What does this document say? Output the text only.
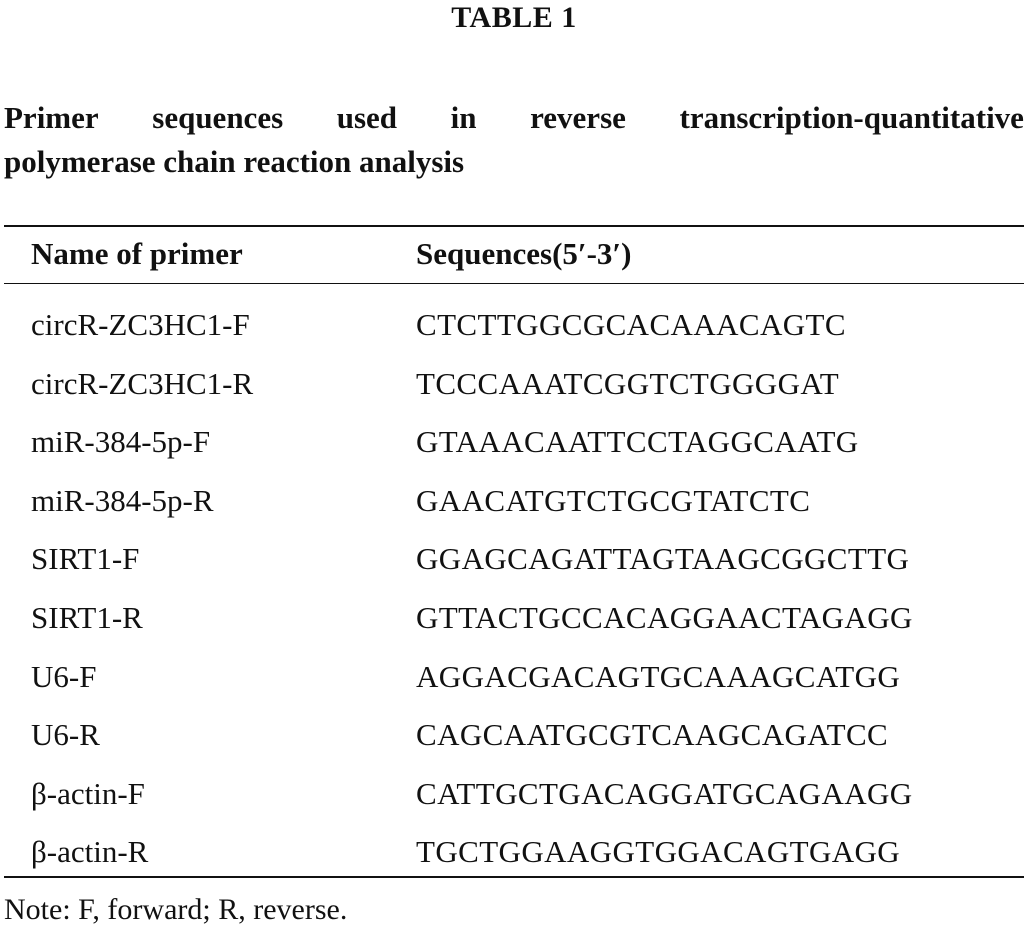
TABLE 1
Primer sequences used in reverse transcription-quantitative
polymerase chain reaction analysis
Name of primer	Sequences(5′-3′)
circR-ZC3HC1-F	CTCTTGGCGCACAAACAGTC
circR-ZC3HC1-R	TCCCAAATCGGTCTGGGGAT
miR-384-5p-F	GTAAACAATTCCTAGGCAATG
miR-384-5p-R	GAACATGTCTGCGTATCTC
SIRT1-F	GGAGCAGATTAGTAAGCGGCTTG
SIRT1-R	GTTACTGCCACAGGAACTAGAGG
U6-F	AGGACGACAGTGCAAAGCATGG
U6-R	CAGCAATGCGTCAAGCAGATCC
β-actin-F	CATTGCTGACAGGATGCAGAAGG
β-actin-R	TGCTGGAAGGTGGACAGTGAGG
Note: F, forward; R, reverse.
